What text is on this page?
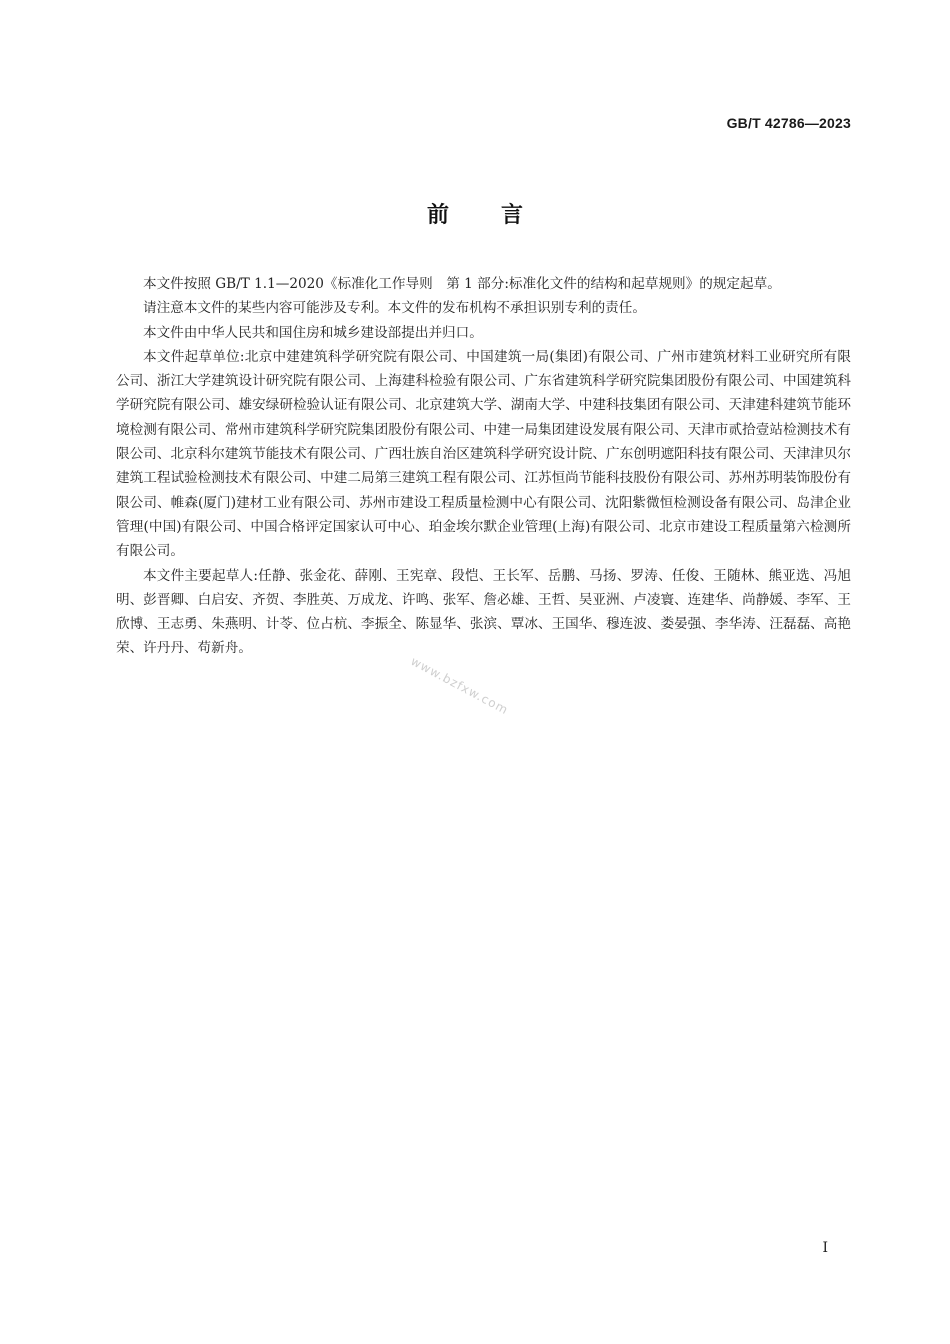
GB/T 42786—2023
前言

本文件按照 GB/T 1.1—2020《标准化工作导则　第 1 部分:标准化文件的结构和起草规则》的规定起草。

请注意本文件的某些内容可能涉及专利。本文件的发布机构不承担识别专利的责任。

本文件由中华人民共和国住房和城乡建设部提出并归口。

本文件起草单位:北京中建建筑科学研究院有限公司、中国建筑一局(集团)有限公司、广州市建筑材料工业研究所有限公司、浙江大学建筑设计研究院有限公司、上海建科检验有限公司、广东省建筑科学研究院集团股份有限公司、中国建筑科学研究院有限公司、雄安绿研检验认证有限公司、北京建筑大学、湖南大学、中建科技集团有限公司、天津建科建筑节能环境检测有限公司、常州市建筑科学研究院集团股份有限公司、中建一局集团建设发展有限公司、天津市贰拾壹站检测技术有限公司、北京科尔建筑节能技术有限公司、广西壮族自治区建筑科学研究设计院、广东创明遮阳科技有限公司、天津津贝尔建筑工程试验检测技术有限公司、中建二局第三建筑工程有限公司、江苏恒尚节能科技股份有限公司、苏州苏明装饰股份有限公司、帷森(厦门)建材工业有限公司、苏州市建设工程质量检测中心有限公司、沈阳紫微恒检测设备有限公司、岛津企业管理(中国)有限公司、中国合格评定国家认可中心、珀金埃尔默企业管理(上海)有限公司、北京市建设工程质量第六检测所有限公司。

本文件主要起草人:任静、张金花、薛刚、王宪章、段恺、王长军、岳鹏、马扬、罗涛、任俊、王随林、熊亚选、冯旭明、彭晋卿、白启安、齐贺、李胜英、万成龙、许鸣、张军、詹必雄、王哲、吴亚洲、卢凌寰、连建华、尚静媛、李军、王欣博、王志勇、朱燕明、计苓、位占杭、李振全、陈显华、张滨、覃冰、王国华、穆连波、娄晏强、李华涛、汪磊磊、高艳荣、许丹丹、苟新舟。

www.bzfxw.com
I
